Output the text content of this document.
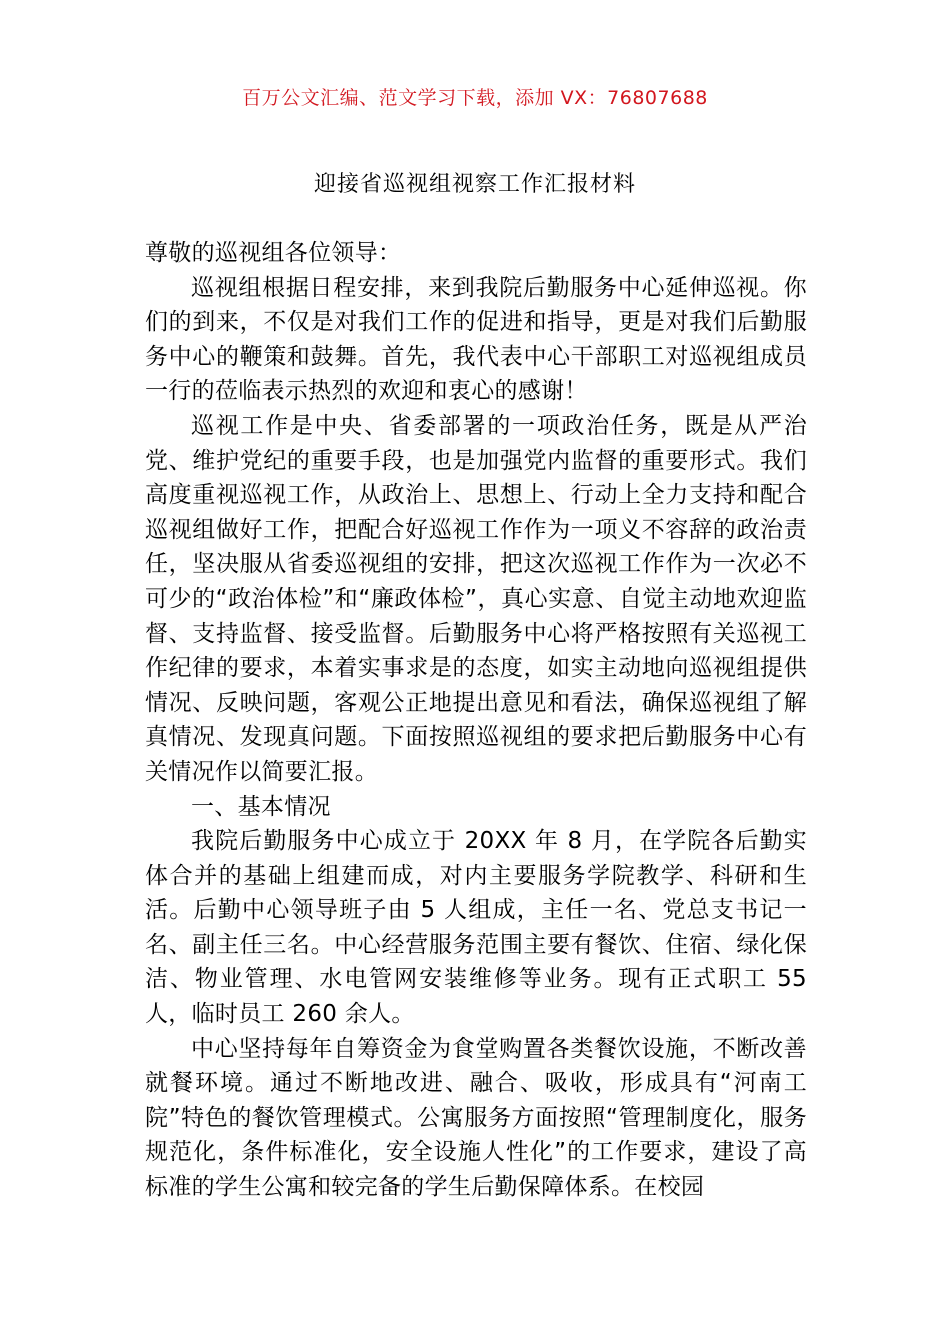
百万公文汇编、范文学习下载，添加 VX：76807688
迎接省巡视组视察工作汇报材料

尊敬的巡视组各位领导：

巡视组根据日程安排，来到我院后勤服务中心延伸巡视。你们的到来，不仅是对我们工作的促进和指导，更是对我们后勤服务中心的鞭策和鼓舞。首先，我代表中心干部职工对巡视组成员一行的莅临表示热烈的欢迎和衷心的感谢！

巡视工作是中央、省委部署的一项政治任务，既是从严治党、维护党纪的重要手段，也是加强党内监督的重要形式。我们高度重视巡视工作，从政治上、思想上、行动上全力支持和配合巡视组做好工作，把配合好巡视工作作为一项义不容辞的政治责任，坚决服从省委巡视组的安排，把这次巡视工作作为一次必不可少的“政治体检”和“廉政体检”，真心实意、自觉主动地欢迎监督、支持监督、接受监督。后勤服务中心将严格按照有关巡视工作纪律的要求，本着实事求是的态度，如实主动地向巡视组提供情况、反映问题，客观公正地提出意见和看法，确保巡视组了解真情况、发现真问题。下面按照巡视组的要求把后勤服务中心有关情况作以简要汇报。

一、基本情况

我院后勤服务中心成立于 20XX 年 8 月，在学院各后勤实体合并的基础上组建而成，对内主要服务学院教学、科研和生活。后勤中心领导班子由 5 人组成，主任一名、党总支书记一名、副主任三名。中心经营服务范围主要有餐饮、住宿、绿化保洁、物业管理、水电管网安装维修等业务。现有正式职工 55 人，临时员工 260 余人。

中心坚持每年自筹资金为食堂购置各类餐饮设施，不断改善就餐环境。通过不断地改进、融合、吸收，形成具有“河南工院”特色的餐饮管理模式。公寓服务方面按照“管理制度化，服务规范化，条件标准化，安全设施人性化”的工作要求，建设了高标准的学生公寓和较完备的学生后勤保障体系。在校园
